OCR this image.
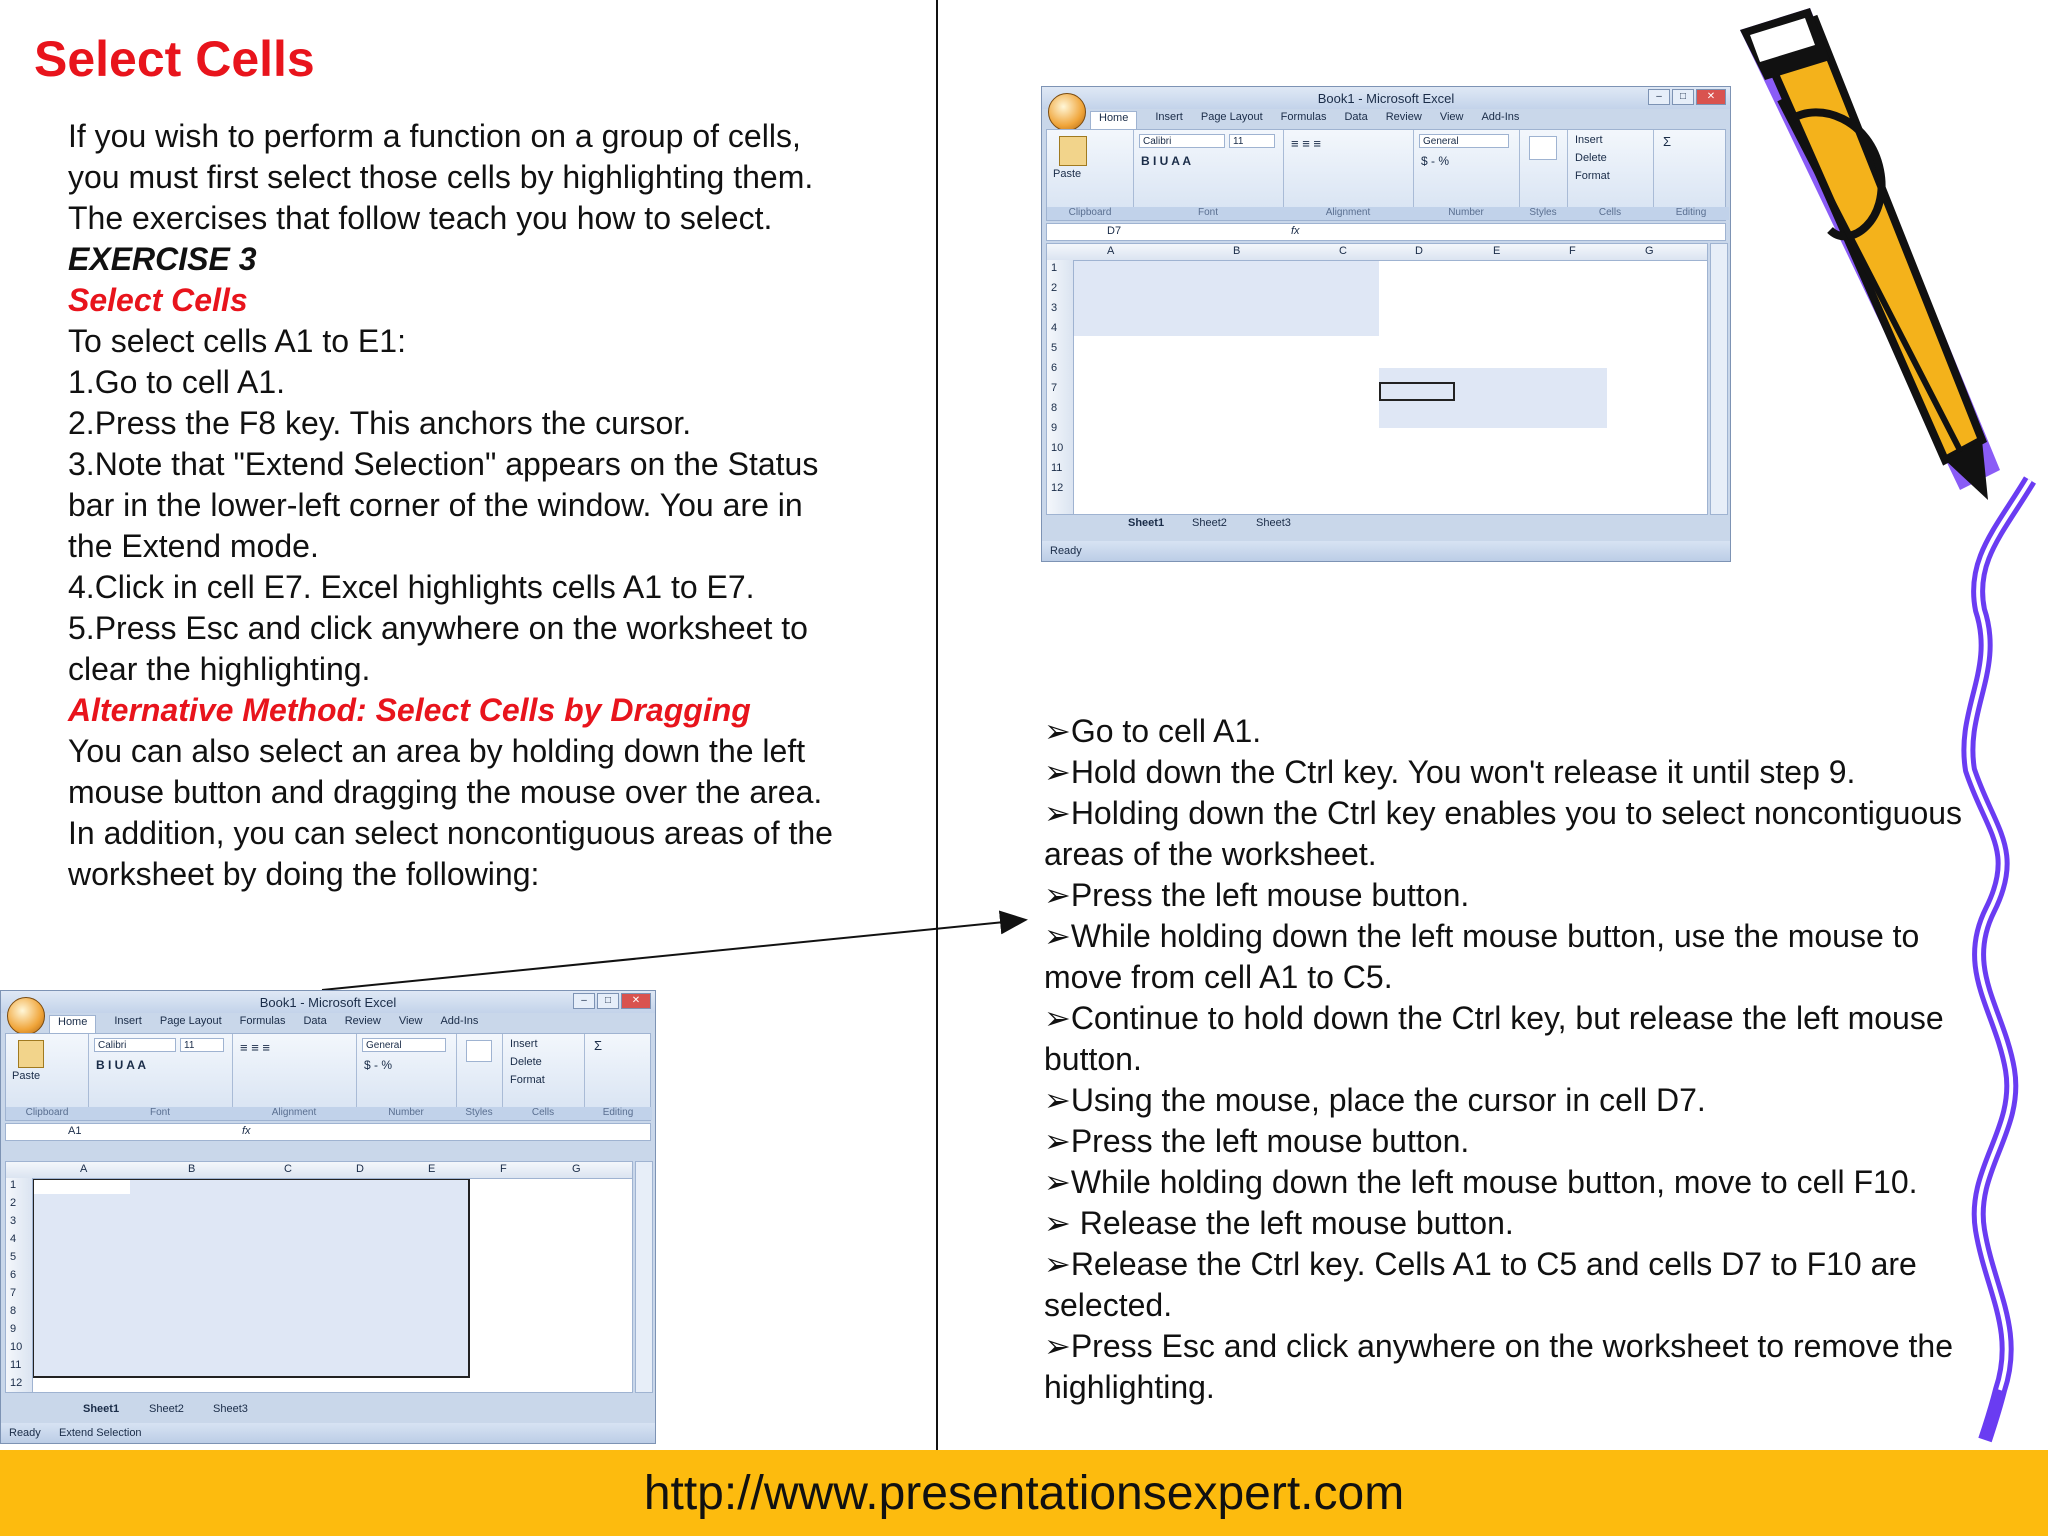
Select Cells

If you wish to perform a function on a group of cells, you must first select those cells by highlighting them. The exercises that follow teach you how to select.

EXERCISE 3

Select Cells

To select cells A1 to E1:

1.Go to cell A1.

2.Press the F8 key. This anchors the cursor.

3.Note that "Extend Selection" appears on the Status bar in the lower-left corner of the window. You are in the Extend mode.

4.Click in cell E7. Excel highlights cells A1 to E7.

5.Press Esc and click anywhere on the worksheet to clear the highlighting.

Alternative Method: Select Cells by Dragging

You can also select an area by holding down the left mouse button and dragging the mouse over the area. In addition, you can select noncontiguous areas of the worksheet by doing the following:

➢Go to cell A1.

➢Hold down the Ctrl key. You won't release it until step 9.

➢Holding down the Ctrl key enables you to select noncontiguous areas of the worksheet.

➢Press the left mouse button.

➢While holding down the left mouse button, use the mouse to move from cell A1 to C5.

➢Continue to hold down the Ctrl key, but release the left mouse button.

➢Using the mouse, place the cursor in cell D7.

➢Press the left mouse button.

➢While holding down the left mouse button, move to cell F10.

➢ Release the left mouse button.

➢Release the Ctrl key. Cells A1 to C5 and cells D7 to F10 are selected.

➢Press Esc and click anywhere on the worksheet to remove the highlighting.

Book1 - Microsoft Excel	–	□	✕
Home	Insert Page Layout Formulas Data Review View Add-Ins
Paste
Clipboard
Calibri	11
B I U A A
Font
≡ ≡ ≡
Alignment
General
$ - %
Number	Styles
Insert
Delete
Format
Cells
Σ
Editing
D7	fx
A	B	C	D	E	F	G
1
2
3
4
5
6
7
8
9
10
11
12
Sheet1	Sheet2	Sheet3
Ready
Book1 - Microsoft Excel	–	□	✕
Home	Insert Page Layout Formulas Data Review View Add-Ins
Paste
Clipboard
Calibri	11
B I U A A
Font
≡ ≡ ≡
Alignment
General
$ - %
Number	Styles
Insert
Delete
Format
Cells
Σ
Editing
A1	fx
A	B	C	D	E	F	G
1
2
3
4
5
6
7
8
9
10
11
12
Sheet1	Sheet2	Sheet3
Ready Extend Selection
http://www.presentationsexpert.com
